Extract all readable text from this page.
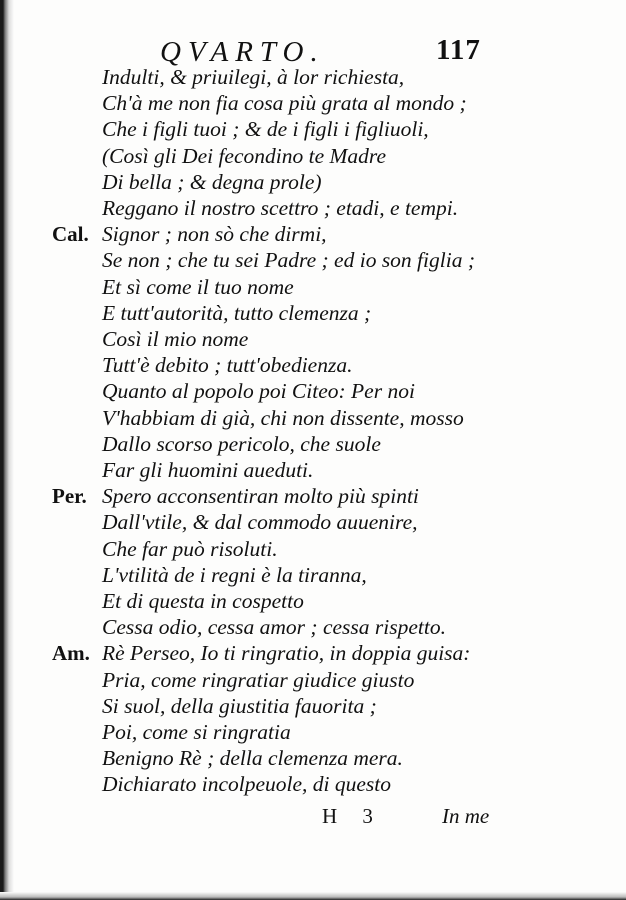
QVARTO.	117
Indulti, & priuilegi, à lor richiesta,
Ch'à me non fia cosa più grata al mondo ;
Che i figli tuoi ; & de i figli i figliuoli,
(Così gli Dei fecondino te Madre
Di bella ; & degna prole)
Reggano il nostro scettro ; etadi, e tempi.
Cal. Signor ; non sò che dirmi,
Se non ; che tu sei Padre ; ed io son figlia ;
Et sì come il tuo nome
E tutt'autorità, tutto clemenza ;
Così il mio nome
Tutt'è debito ; tutt'obedienza.
Quanto al popolo poi Citeo: Per noi
V'habbiam di già, chi non dissente, mosso
Dallo scorso pericolo, che suole
Far gli huomini aueduti.
Per. Spero acconsentiran molto più spinti
Dall'vtile, & dal commodo auuenire,
Che far può risoluti.
L'vtilità de i regni è la tiranna,
Et di questa in cospetto
Cessa odio, cessa amor ; cessa rispetto.
Am. Rè Perseo, Io ti ringratio, in doppia guisa:
Pria, come ringratiar giudice giusto
Si suol, della giustitia fauorita ;
Poi, come si ringratia
Benigno Rè ; della clemenza mera.
Dichiarato incolpeuole, di questo
H 3	In me
